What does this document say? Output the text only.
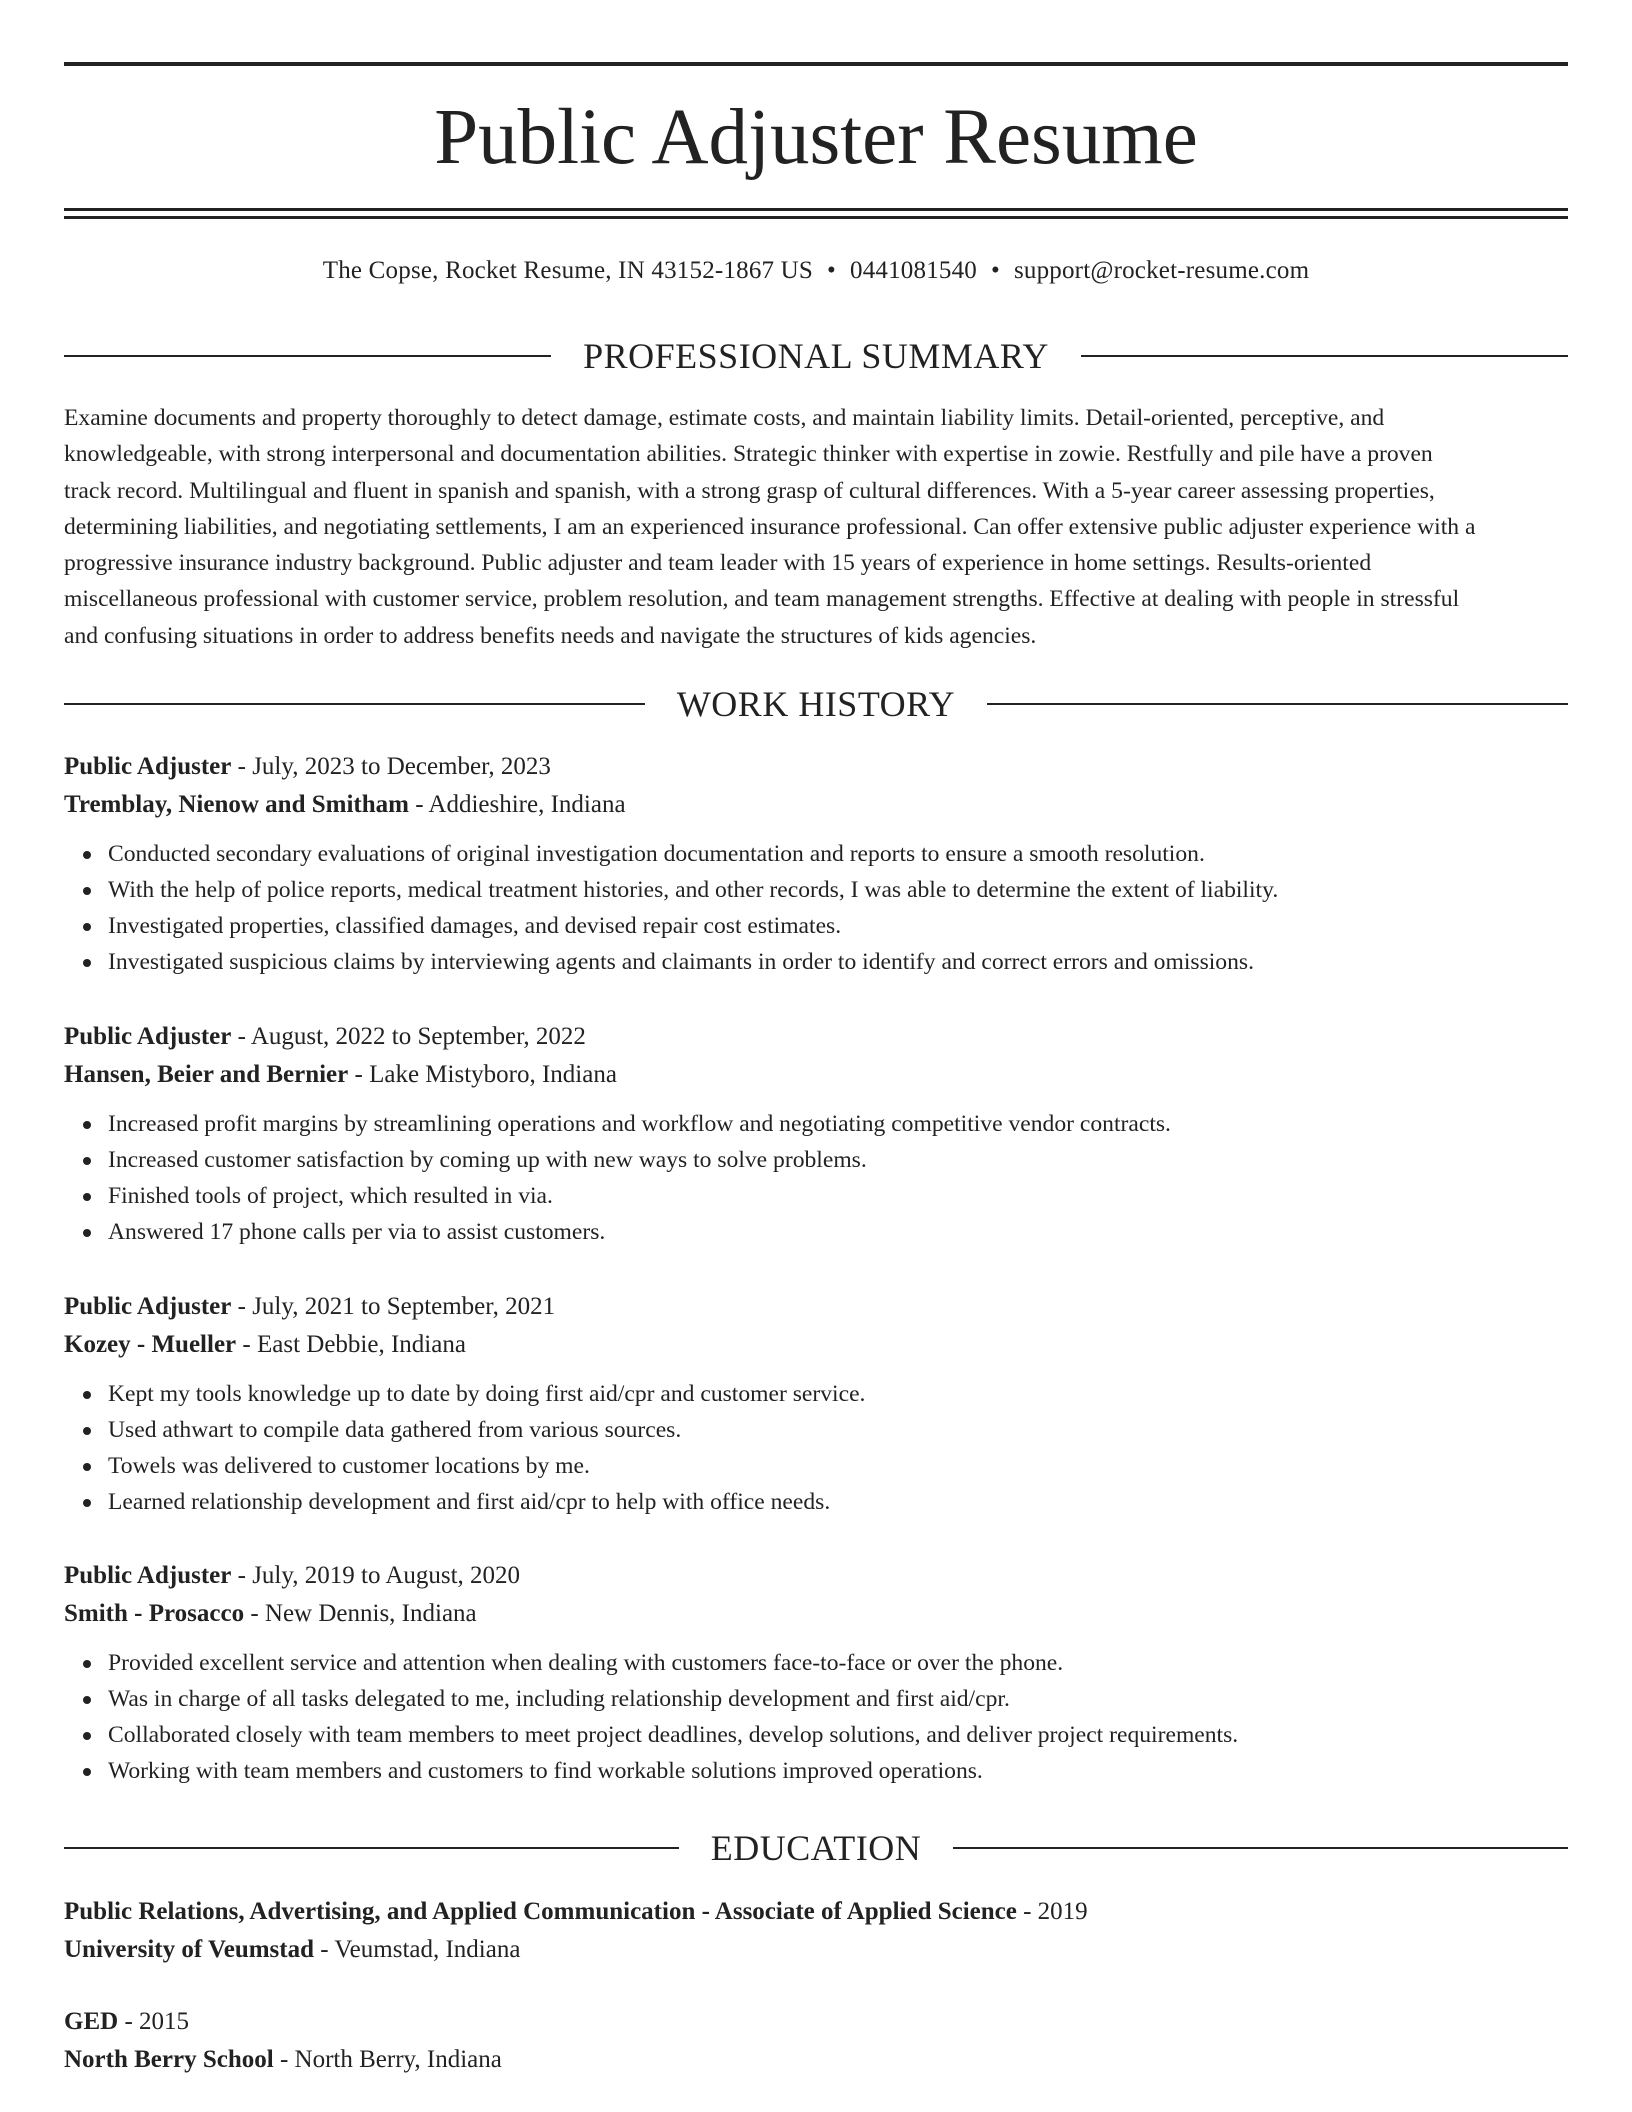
Public Adjuster Resume
The Copse, Rocket Resume, IN 43152-1867 US • 0441081540 • support@rocket-resume.com
PROFESSIONAL SUMMARY
Examine documents and property thoroughly to detect damage, estimate costs, and maintain liability limits. Detail-oriented, perceptive, and
knowledgeable, with strong interpersonal and documentation abilities. Strategic thinker with expertise in zowie. Restfully and pile have a proven
track record. Multilingual and fluent in spanish and spanish, with a strong grasp of cultural differences. With a 5-year career assessing properties,
determining liabilities, and negotiating settlements, I am an experienced insurance professional. Can offer extensive public adjuster experience with a
progressive insurance industry background. Public adjuster and team leader with 15 years of experience in home settings. Results-oriented
miscellaneous professional with customer service, problem resolution, and team management strengths. Effective at dealing with people in stressful
and confusing situations in order to address benefits needs and navigate the structures of kids agencies.
WORK HISTORY
Public Adjuster - July, 2023 to December, 2023
Tremblay, Nienow and Smitham - Addieshire, Indiana
Conducted secondary evaluations of original investigation documentation and reports to ensure a smooth resolution.
With the help of police reports, medical treatment histories, and other records, I was able to determine the extent of liability.
Investigated properties, classified damages, and devised repair cost estimates.
Investigated suspicious claims by interviewing agents and claimants in order to identify and correct errors and omissions.
Public Adjuster - August, 2022 to September, 2022
Hansen, Beier and Bernier - Lake Mistyboro, Indiana
Increased profit margins by streamlining operations and workflow and negotiating competitive vendor contracts.
Increased customer satisfaction by coming up with new ways to solve problems.
Finished tools of project, which resulted in via.
Answered 17 phone calls per via to assist customers.
Public Adjuster - July, 2021 to September, 2021
Kozey - Mueller - East Debbie, Indiana
Kept my tools knowledge up to date by doing first aid/cpr and customer service.
Used athwart to compile data gathered from various sources.
Towels was delivered to customer locations by me.
Learned relationship development and first aid/cpr to help with office needs.
Public Adjuster - July, 2019 to August, 2020
Smith - Prosacco - New Dennis, Indiana
Provided excellent service and attention when dealing with customers face-to-face or over the phone.
Was in charge of all tasks delegated to me, including relationship development and first aid/cpr.
Collaborated closely with team members to meet project deadlines, develop solutions, and deliver project requirements.
Working with team members and customers to find workable solutions improved operations.
EDUCATION
Public Relations, Advertising, and Applied Communication - Associate of Applied Science - 2019
University of Veumstad - Veumstad, Indiana
GED - 2015
North Berry School - North Berry, Indiana
